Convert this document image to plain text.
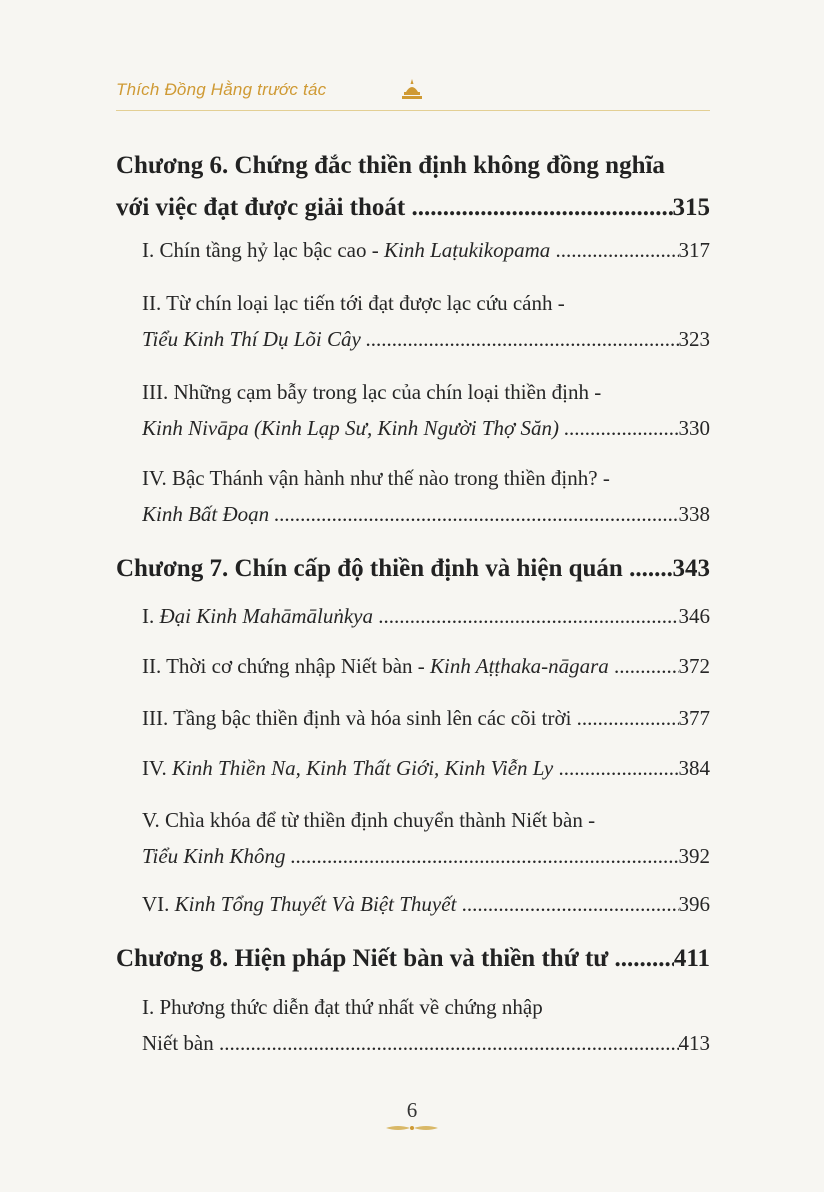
Thích Đồng Hằng trước tác
Chương 6. Chứng đắc thiền định không đồng nghĩa
với việc đạt được giải thoát .....	315
I. Chín tầng hỷ lạc bậc cao - Kinh Laṭukikopama .....	317
II. Từ chín loại lạc tiến tới đạt được lạc cứu cánh -
Tiểu Kinh Thí Dụ Lõi Cây .....	323
III. Những cạm bẫy trong lạc của chín loại thiền định -
Kinh Nivāpa (Kinh Lạp Sư, Kinh Người Thợ Săn) .....	330
IV. Bậc Thánh vận hành như thế nào trong thiền định? -
Kinh Bất Đoạn .....	338
Chương 7. Chín cấp độ thiền định và hiện quán .....	343
I. Đại Kinh Mahāmāluṅkya .....	346
II. Thời cơ chứng nhập Niết bàn - Kinh Aṭṭhaka-nāgara .....	372
III. Tầng bậc thiền định và hóa sinh lên các cõi trời .....	377
IV. Kinh Thiền Na, Kinh Thất Giới, Kinh Viễn Ly .....	384
V. Chìa khóa để từ thiền định chuyển thành Niết bàn -
Tiểu Kinh Không .....	392
VI. Kinh Tổng Thuyết Và Biệt Thuyết .....	396
Chương 8. Hiện pháp Niết bàn và thiền thứ tư .....	411
I. Phương thức diễn đạt thứ nhất về chứng nhập
Niết bàn .....	413
6
